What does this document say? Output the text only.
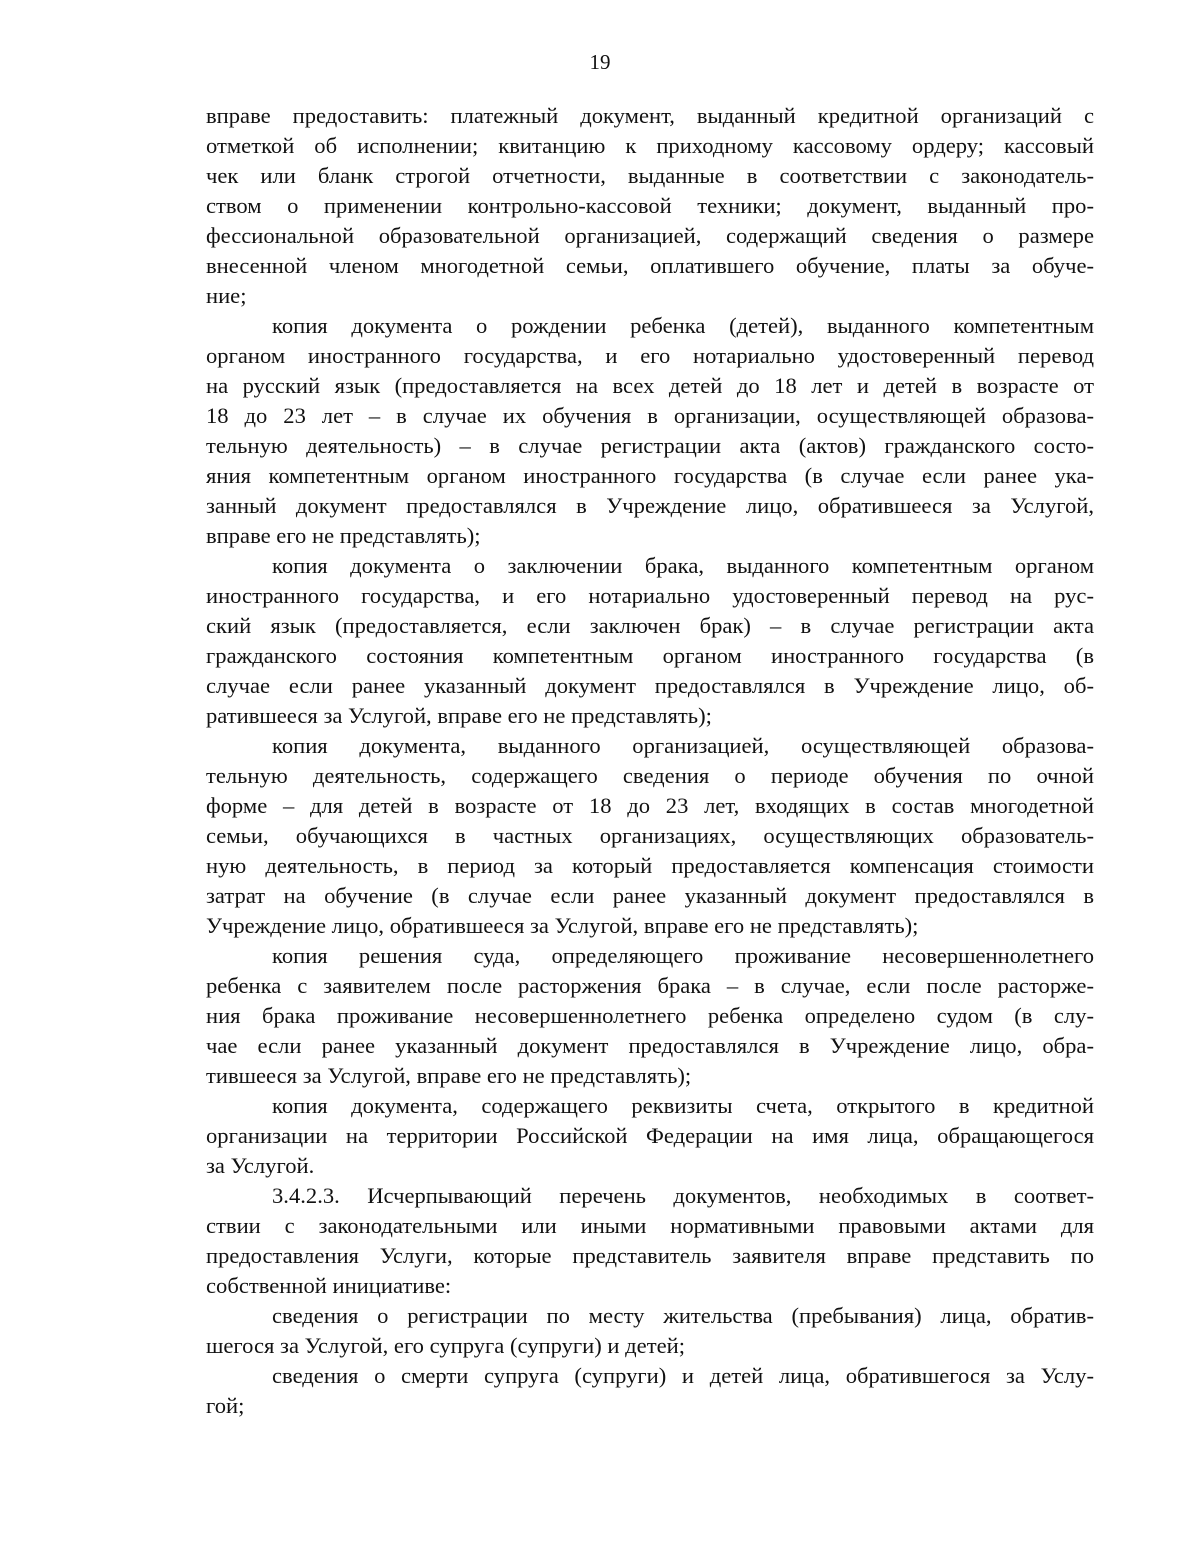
19

вправе предоставить: платежный документ, выданный кредитной организаций с
отметкой об исполнении; квитанцию к приходному кассовому ордеру; кассовый
чек или бланк строгой отчетности, выданные в соответствии с законодатель-
ством о применении контрольно-кассовой техники; документ, выданный про-
фессиональной образовательной организацией, содержащий сведения о размере
внесенной членом многодетной семьи, оплатившего обучение, платы за обуче-
ние;

копия документа о рождении ребенка (детей), выданного компетентным
органом иностранного государства, и его нотариально удостоверенный перевод
на русский язык (предоставляется на всех детей до 18 лет и детей в возрасте от
18 до 23 лет – в случае их обучения в организации, осуществляющей образова-
тельную деятельность) – в случае регистрации акта (актов) гражданского состо-
яния компетентным органом иностранного государства (в случае если ранее ука-
занный документ предоставлялся в Учреждение лицо, обратившееся за Услугой,
вправе его не представлять);

копия документа о заключении брака, выданного компетентным органом
иностранного государства, и его нотариально удостоверенный перевод на рус-
ский язык (предоставляется, если заключен брак) – в случае регистрации акта
гражданского состояния компетентным органом иностранного государства (в
случае если ранее указанный документ предоставлялся в Учреждение лицо, об-
ратившееся за Услугой, вправе его не представлять);

копия документа, выданного организацией, осуществляющей образова-
тельную деятельность, содержащего сведения о периоде обучения по очной
форме – для детей в возрасте от 18 до 23 лет, входящих в состав многодетной
семьи, обучающихся в частных организациях, осуществляющих образователь-
ную деятельность, в период за который предоставляется компенсация стоимости
затрат на обучение (в случае если ранее указанный документ предоставлялся в
Учреждение лицо, обратившееся за Услугой, вправе его не представлять);

копия решения суда, определяющего проживание несовершеннолетнего
ребенка с заявителем после расторжения брака – в случае, если после расторже-
ния брака проживание несовершеннолетнего ребенка определено судом (в слу-
чае если ранее указанный документ предоставлялся в Учреждение лицо, обра-
тившееся за Услугой, вправе его не представлять);

копия документа, содержащего реквизиты счета, открытого в кредитной
организации на территории Российской Федерации на имя лица, обращающегося
за Услугой.

3.4.2.3. Исчерпывающий перечень документов, необходимых в соответ-
ствии с законодательными или иными нормативными правовыми актами для
предоставления Услуги, которые представитель заявителя вправе представить по
собственной инициативе:

сведения о регистрации по месту жительства (пребывания) лица, обратив-
шегося за Услугой, его супруга (супруги) и детей;

сведения о смерти супруга (супруги) и детей лица, обратившегося за Услу-
гой;
